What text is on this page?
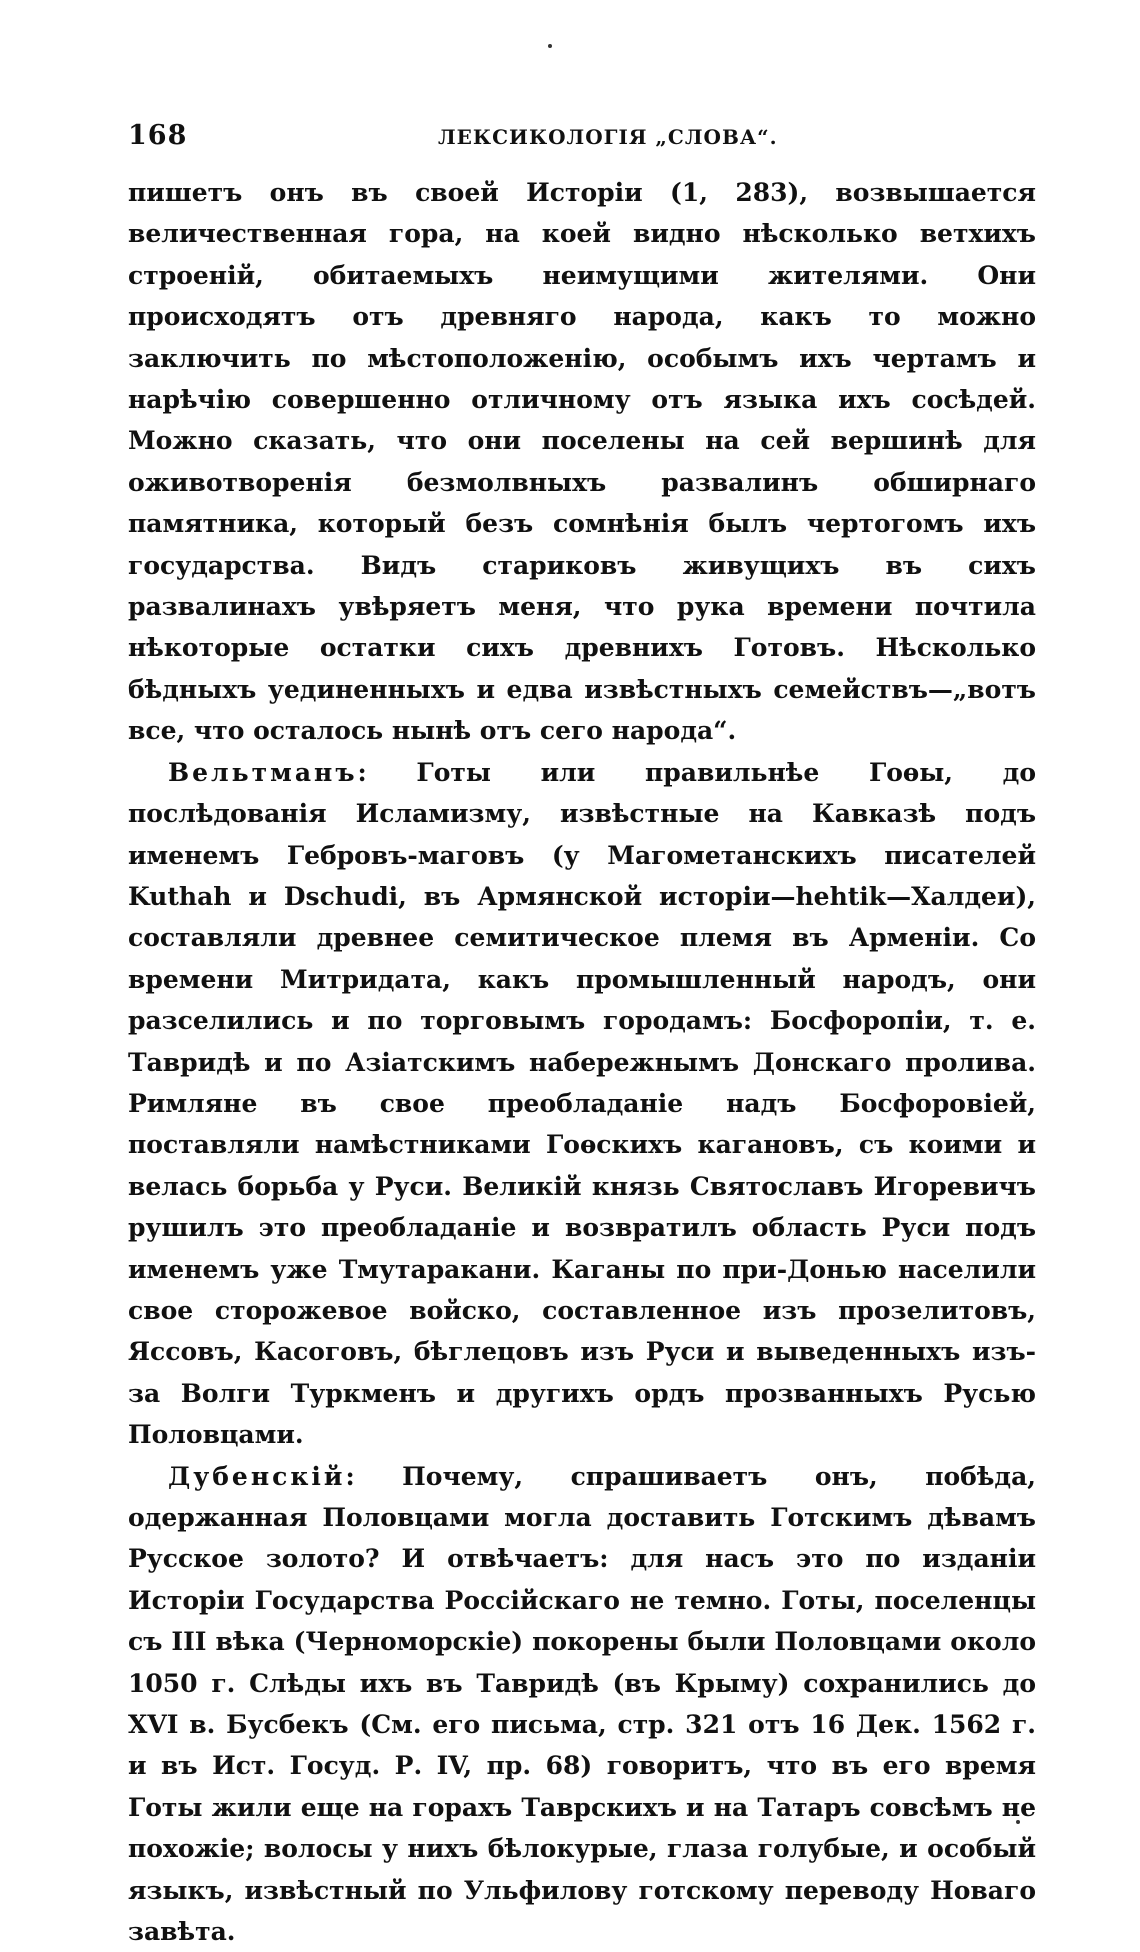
168	ЛЕКСИКОЛОГІЯ „СЛОВА“.

пишетъ онъ въ своей Исторіи (1, 283), возвышается величественная гора, на коей видно нѣсколько ветхихъ строеній, обитаемыхъ неимущими жителями. Они происходятъ отъ древняго народа, какъ то можно заключить по мѣстоположенію, особымъ ихъ чертамъ и нарѣчію совершенно отличному отъ языка ихъ сосѣдей. Можно сказать, что они поселены на сей вершинѣ для оживотворенія безмолвныхъ развалинъ обширнаго памятника, который безъ сомнѣнія былъ чертогомъ ихъ государства. Видъ стариковъ живущихъ въ сихъ развалинахъ увѣряетъ меня, что рука времени почтила нѣкоторые остатки сихъ древнихъ Готовъ. Нѣсколько бѣдныхъ уединенныхъ и едва извѣстныхъ семействъ—„вотъ все, что осталось нынѣ отъ сего народа“.

Вельтманъ: Готы или правильнѣе Гоѳы, до послѣдованія Исламизму, извѣстные на Кавказѣ подъ именемъ Гебровъ-маговъ (у Магометанскихъ писателей Kuthah и Dschudi, въ Армянской исторіи—hehtik—Халдеи), составляли древнее семитическое племя въ Арменіи. Со времени Митридата, какъ промышленный народъ, они разселились и по торговымъ городамъ: Босфоропіи, т. е. Тавридѣ и по Азіатскимъ набережнымъ Донскаго пролива. Римляне въ свое преобладаніе надъ Босфоровіей, поставляли намѣстниками Гоѳскихъ кагановъ, съ коими и велась борьба у Руси. Великій князь Святославъ Игоревичъ рушилъ это преобладаніе и возвратилъ область Руси подъ именемъ уже Тмутаракани. Каганы по при-Донью населили свое сторожевое войско, составленное изъ прозелитовъ, Яссовъ, Касоговъ, бѣглецовъ изъ Руси и выведенныхъ изъ-за Волги Туркменъ и другихъ ордъ прозванныхъ Русью Половцами.

Дубенскій: Почему, спрашиваетъ онъ, побѣда, одержанная Половцами могла доставить Готскимъ дѣвамъ Русское золото? И отвѣчаетъ: для насъ это по изданіи Исторіи Государства Россійскаго не темно. Готы, поселенцы съ III вѣка (Черноморскіе) покорены были Половцами около 1050 г. Слѣды ихъ въ Тавридѣ (въ Крыму) сохранились до XVI в. Бусбекъ (См. его письма, стр. 321 отъ 16 Дек. 1562 г. и въ Ист. Госуд. Р. IV, пр. 68) говоритъ, что въ его время Готы жили еще на горахъ Таврскихъ и на Татаръ совсѣмъ не похожіе; волосы у нихъ бѣлокурые, глаза голубые, и особый языкъ, извѣстный по Ульфилову готскому переводу Новаго завѣта.
